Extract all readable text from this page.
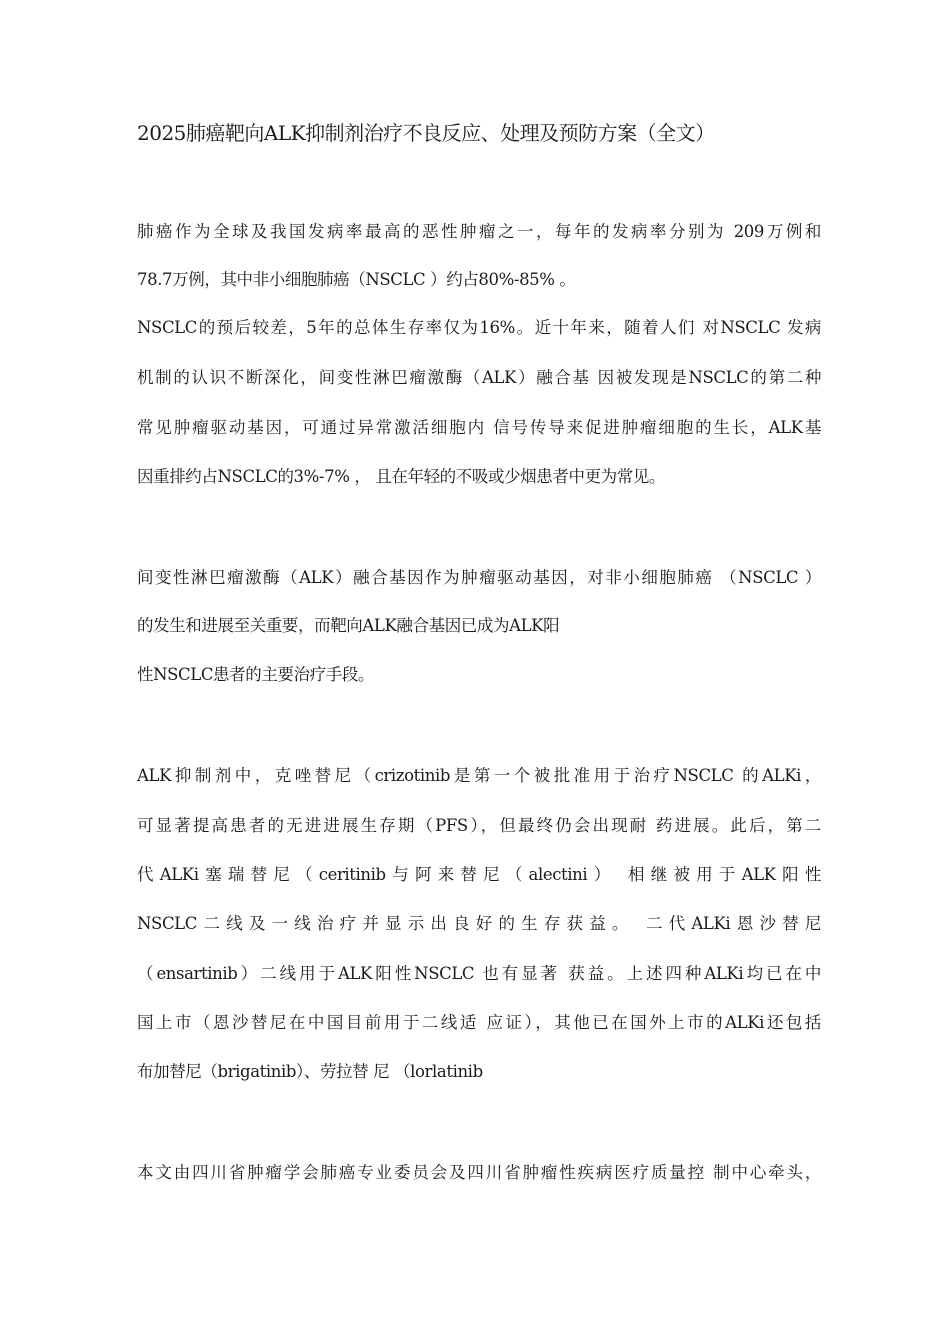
2025肺癌靶向ALK抑制剂治疗不良反应、处理及预防方案（全文）
肺癌作为全球及我国发病率最高的恶性肿瘤之一，每年的发病率分别为 209万例和
78.7万例，其中非小细胞肺癌（NSCLC ）约占80%-85% 。
NSCLC的预后较差，5年的总体生存率仅为16%。近十年来，随着人们 对NSCLC 发病
机制的认识不断深化，间变性淋巴瘤激酶（ALK）融合基 因被发现是NSCLC的第二种
常见肿瘤驱动基因，可通过异常激活细胞内 信号传导来促进肿瘤细胞的生长，ALK基
因重排约占NSCLC的3%-7% ， 且在年轻的不吸或少烟患者中更为常见。
间变性淋巴瘤激酶（ALK）融合基因作为肿瘤驱动基因，对非小细胞肺癌 （NSCLC ）
的发生和进展至关重要，而靶向ALK融合基因已成为ALK阳
性NSCLC患者的主要治疗手段。
ALK抑制剂中，克唑替尼（crizotinib是第一个被批准用于治疗NSCLC 的ALKi，
可显著提高患者的无进进展生存期（PFS），但最终仍会出现耐 药进展。此后，第二
代ALKi塞瑞替尼（ceritinib与阿来替尼（alectini） 相继被用于ALK阳性
NSCLC二线及一线治疗并显示出良好的生存获益。 二代ALKi恩沙替尼
（ensartinib）二线用于ALK阳性NSCLC 也有显著 获益。上述四种ALKi均已在中
国上市（恩沙替尼在中国目前用于二线适 应证），其他已在国外上市的ALKi还包括
布加替尼（brigatinib）、劳拉替 尼 （lorlatinib
本文由四川省肿瘤学会肺癌专业委员会及四川省肿瘤性疾病医疗质量控 制中心牵头，
